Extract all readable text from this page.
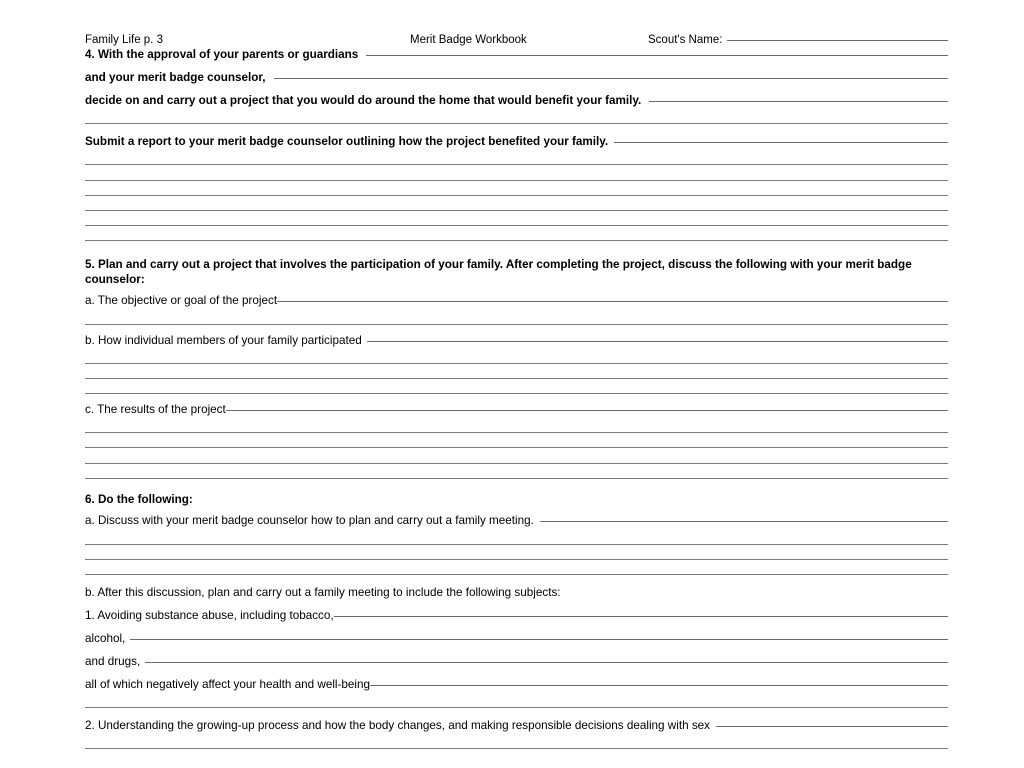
Family Life p. 3	Merit Badge Workbook	Scout's Name:
4. With the approval of your parents or guardians
and your merit badge counselor,
decide on and carry out a project that you would do around the home that would benefit your family.
Submit a report to your merit badge counselor outlining how the project benefited your family.
5. Plan and carry out a project that involves the participation of your family. After completing the project, discuss the following with your merit badge counselor:
a. The objective or goal of the project
b. How individual members of your family participated
c. The results of the project
6. Do the following:
a. Discuss with your merit badge counselor how to plan and carry out a family meeting.
b. After this discussion, plan and carry out a family meeting to include the following subjects:
1. Avoiding substance abuse, including tobacco,
alcohol,
and drugs,
all of which negatively affect your health and well-being
2. Understanding the growing-up process and how the body changes, and making responsible decisions dealing with sex
